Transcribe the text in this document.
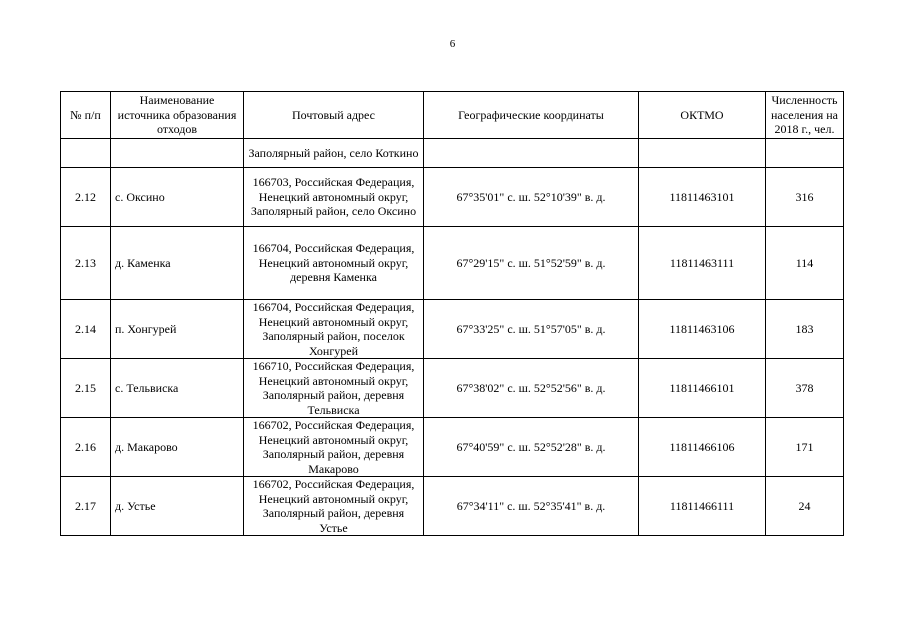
6
№ п/п	Наименование источника образования отходов	Почтовый адрес	Географические координаты	ОКТМО	Численность населения на 2018 г., чел.
		Заполярный район, село Коткино			
2.12	с. Оксино	166703, Российская Федерация, Ненецкий автономный округ, Заполярный район, село Оксино	67°35'01" с. ш. 52°10'39" в. д.	11811463101	316
2.13	д. Каменка	166704, Российская Федерация, Ненецкий автономный округ, деревня Каменка	67°29'15" с. ш. 51°52'59" в. д.	11811463111	114
2.14	п. Хонгурей	166704, Российская Федерация, Ненецкий автономный округ, Заполярный район, поселок Хонгурей	67°33'25" с. ш. 51°57'05" в. д.	11811463106	183
2.15	с. Тельвиска	166710, Российская Федерация, Ненецкий автономный округ, Заполярный район, деревня Тельвиска	67°38'02" с. ш. 52°52'56" в. д.	11811466101	378
2.16	д. Макарово	166702, Российская Федерация, Ненецкий автономный округ, Заполярный район, деревня Макарово	67°40'59" с. ш. 52°52'28" в. д.	11811466106	171
2.17	д. Устье	166702, Российская Федерация, Ненецкий автономный округ, Заполярный район, деревня Устье	67°34'11" с. ш. 52°35'41" в. д.	11811466111	24
